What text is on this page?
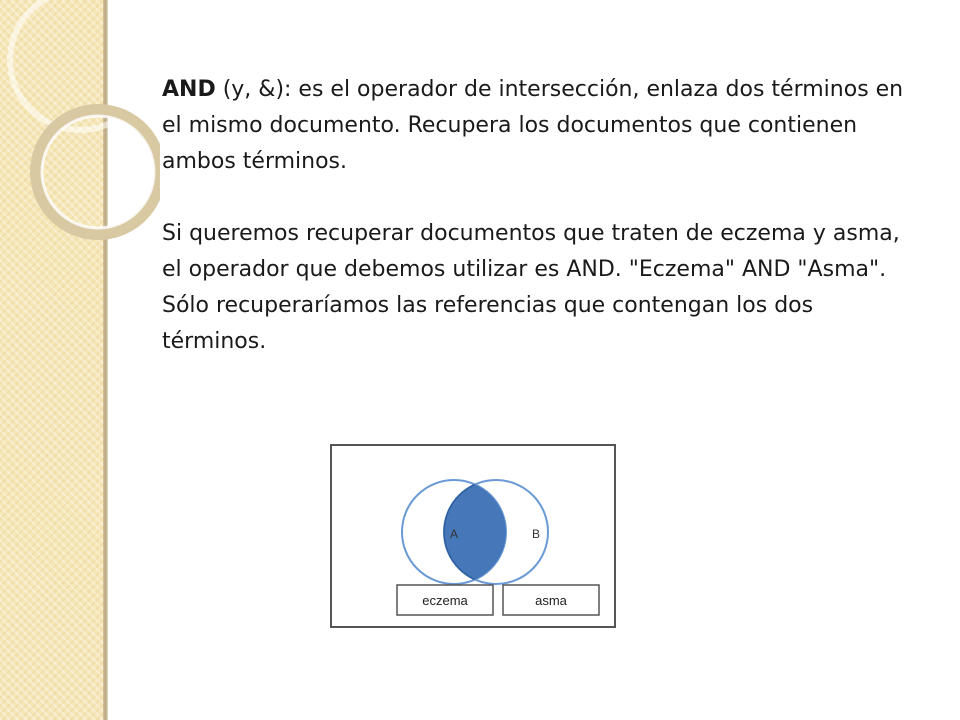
AND (y, &): es el operador de intersección, enlaza dos términos en el mismo documento. Recupera los documentos que contienen ambos términos.

Si queremos recuperar documentos que traten de eczema y asma, el operador que debemos utilizar es AND. "Eczema" AND "Asma". Sólo recuperaríamos las referencias que contengan los dos términos.

A	B
eczema	asma
